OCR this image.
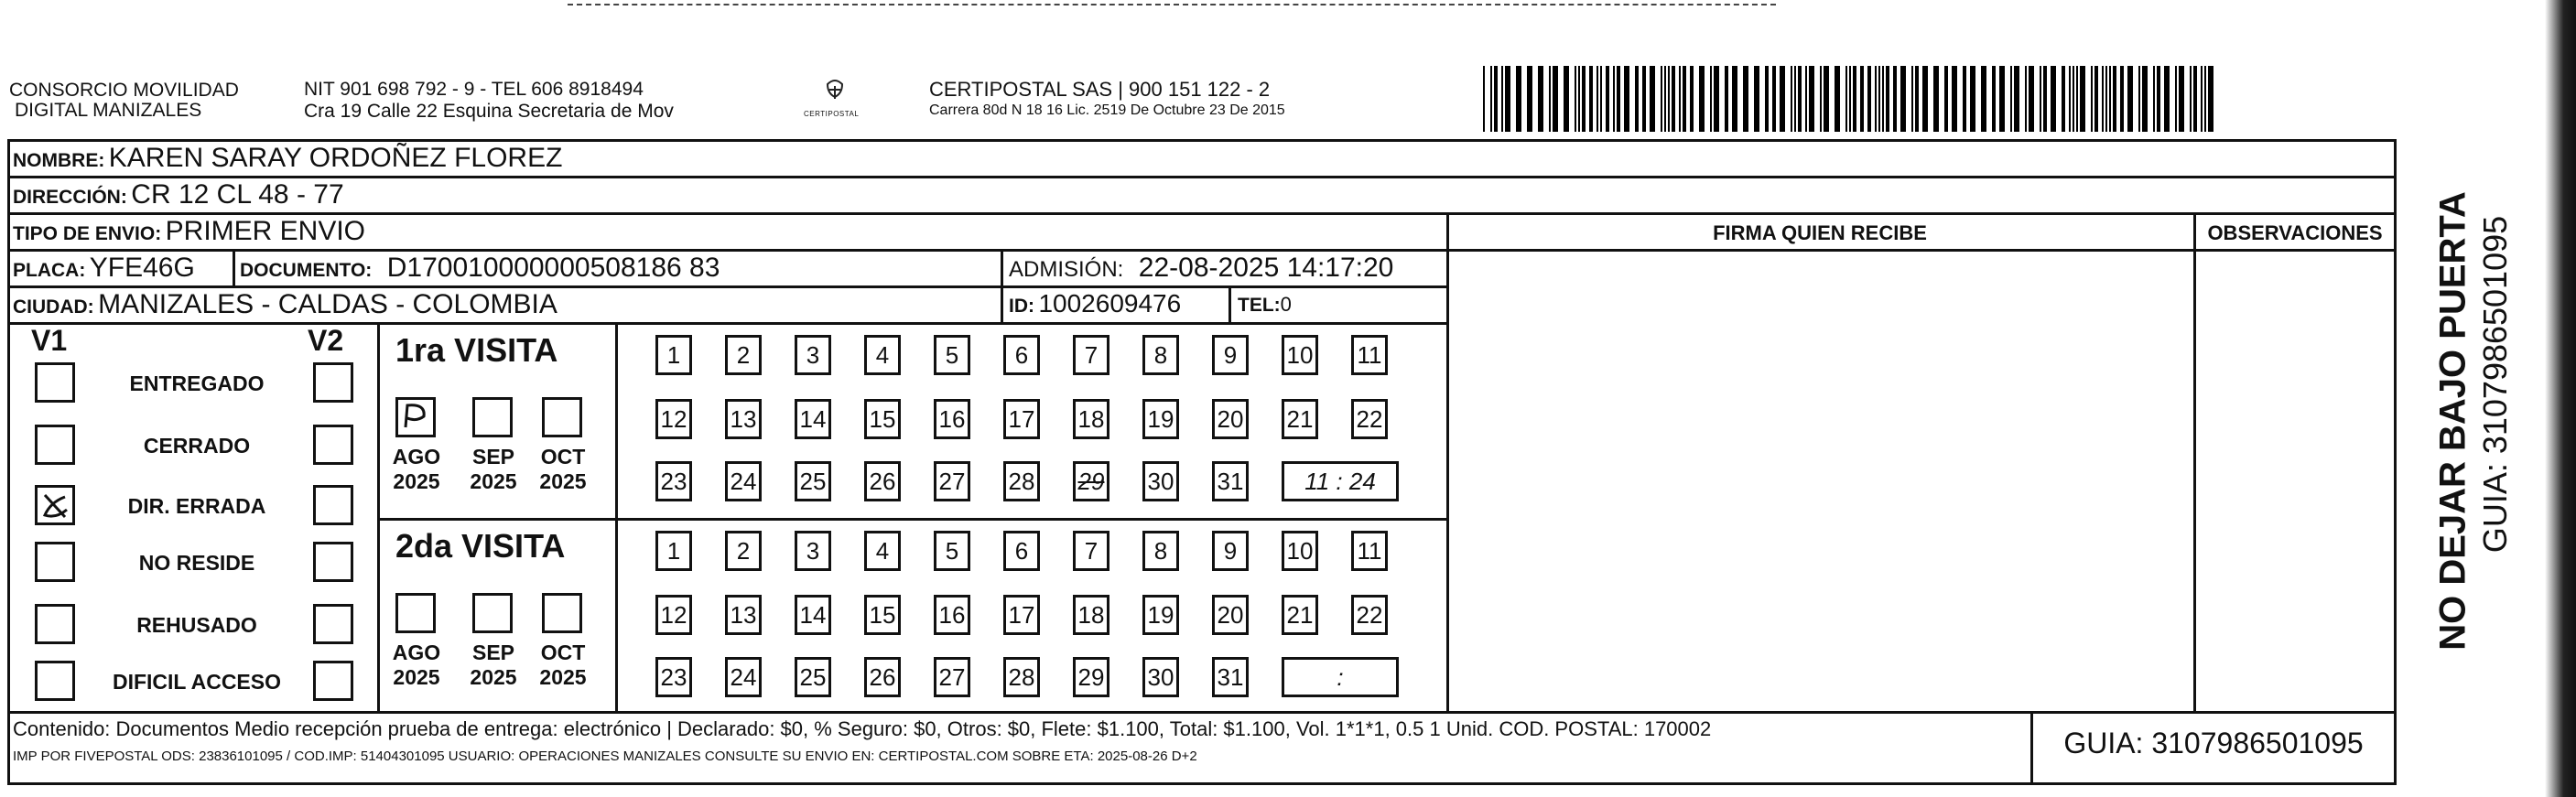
CONSORCIO MOVILIDAD
DIGITAL MANIZALES
NIT 901 698 792 - 9 - TEL 606 8918494
Cra 19 Calle 22 Esquina Secretaria de Mov	CERTIPOSTAL
CERTIPOSTAL SAS | 900 151 122 - 2
Carrera 80d N 18 16 Lic. 2519 De Octubre 23 De 2015
NOMBRE: KAREN SARAY ORDOÑEZ FLOREZ
DIRECCIÓN: CR 12 CL 48 - 77
TIPO DE ENVIO: PRIMER ENVIO	FIRMA QUIEN RECIBE	OBSERVACIONES
PLACA: YFE46G DOCUMENTO: D170010000000508186 83	ADMISIÓN: 22-08-2025 14:17:20
CIUDAD: MANIZALES - CALDAS - COLOMBIA	ID: 1002609476	TEL:0
V1	V2
ENTREGADO
CERRADO
DIR. ERRADA
NO RESIDE
REHUSADO
DIFICIL ACCESO
1ra VISITA
AGO
2025
SEP
2025
OCT
2025
1	2	3	4	5	6	7	8	9	10 11
12 13 14 15 16 17 18 19 20 21 22
23 24 25 26 27 28 29 30 31	11 : 24
2da VISITA
AGO
2025
SEP
2025
OCT
2025
1	2	3	4	5	6	7	8	9	10 11
12 13 14 15 16 17 18 19 20 21 22
23 24 25 26 27 28 29 30 31	:
Contenido: Documentos Medio recepción prueba de entrega: electrónico | Declarado: $0, % Seguro: $0, Otros: $0, Flete: $1.100, Total: $1.100, Vol. 1*1*1, 0.5 1 Unid. COD. POSTAL: 170002
IMP POR FIVEPOSTAL ODS: 23836101095 / COD.IMP: 51404301095 USUARIO: OPERACIONES MANIZALES CONSULTE SU ENVIO EN: CERTIPOSTAL.COM SOBRE ETA: 2025-08-26 D+2	GUIA: 3107986501095
NO DEJAR BAJO PUERTA GUIA: 3107986501095
